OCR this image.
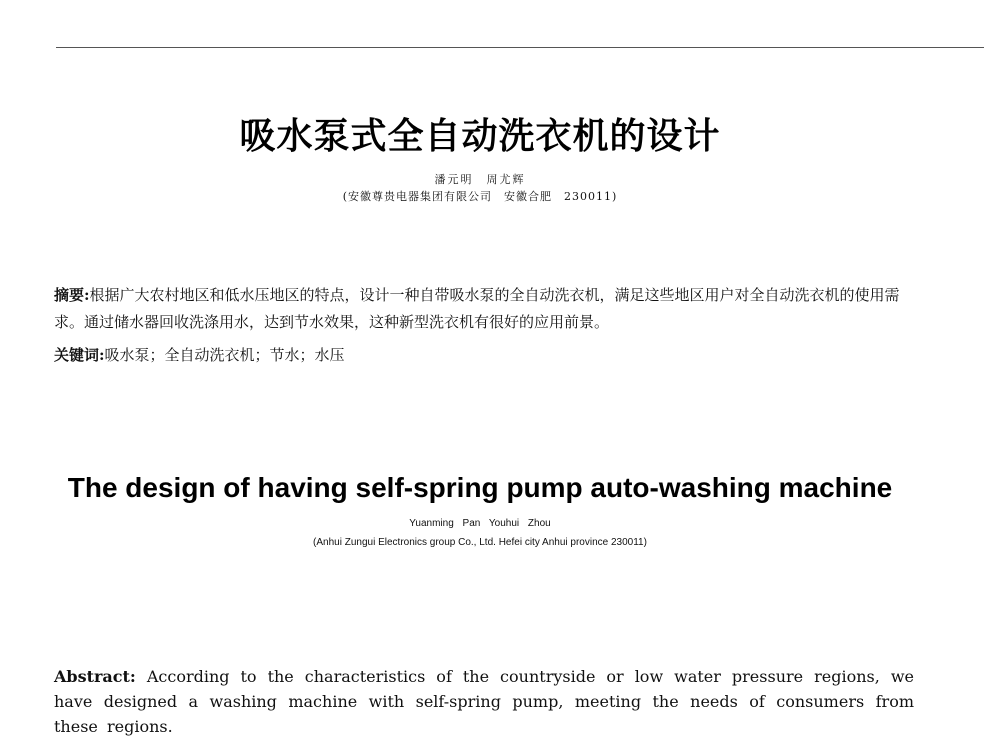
吸水泵式全自动洗衣机的设计
潘元明　周尤辉
(安徽尊贵电器集团有限公司　安徽合肥　230011)

摘要:根据广大农村地区和低水压地区的特点，设计一种自带吸水泵的全自动洗衣机，满足这些地区用户对全自动洗衣机的使用需求。通过储水器回收洗涤用水，达到节水效果，这种新型洗衣机有很好的应用前景。

关键词:吸水泵；全自动洗衣机；节水；水压

The design of having self-spring pump auto-washing machine
Yuanming Pan Youhui Zhou
(Anhui Zungui Electronics group Co., Ltd. Hefei city Anhui province 230011)

Abstract: According to the characteristics of the countryside or low water pressure regions, we have designed a washing machine with self-spring pump, meeting the needs of consumers from these regions.
